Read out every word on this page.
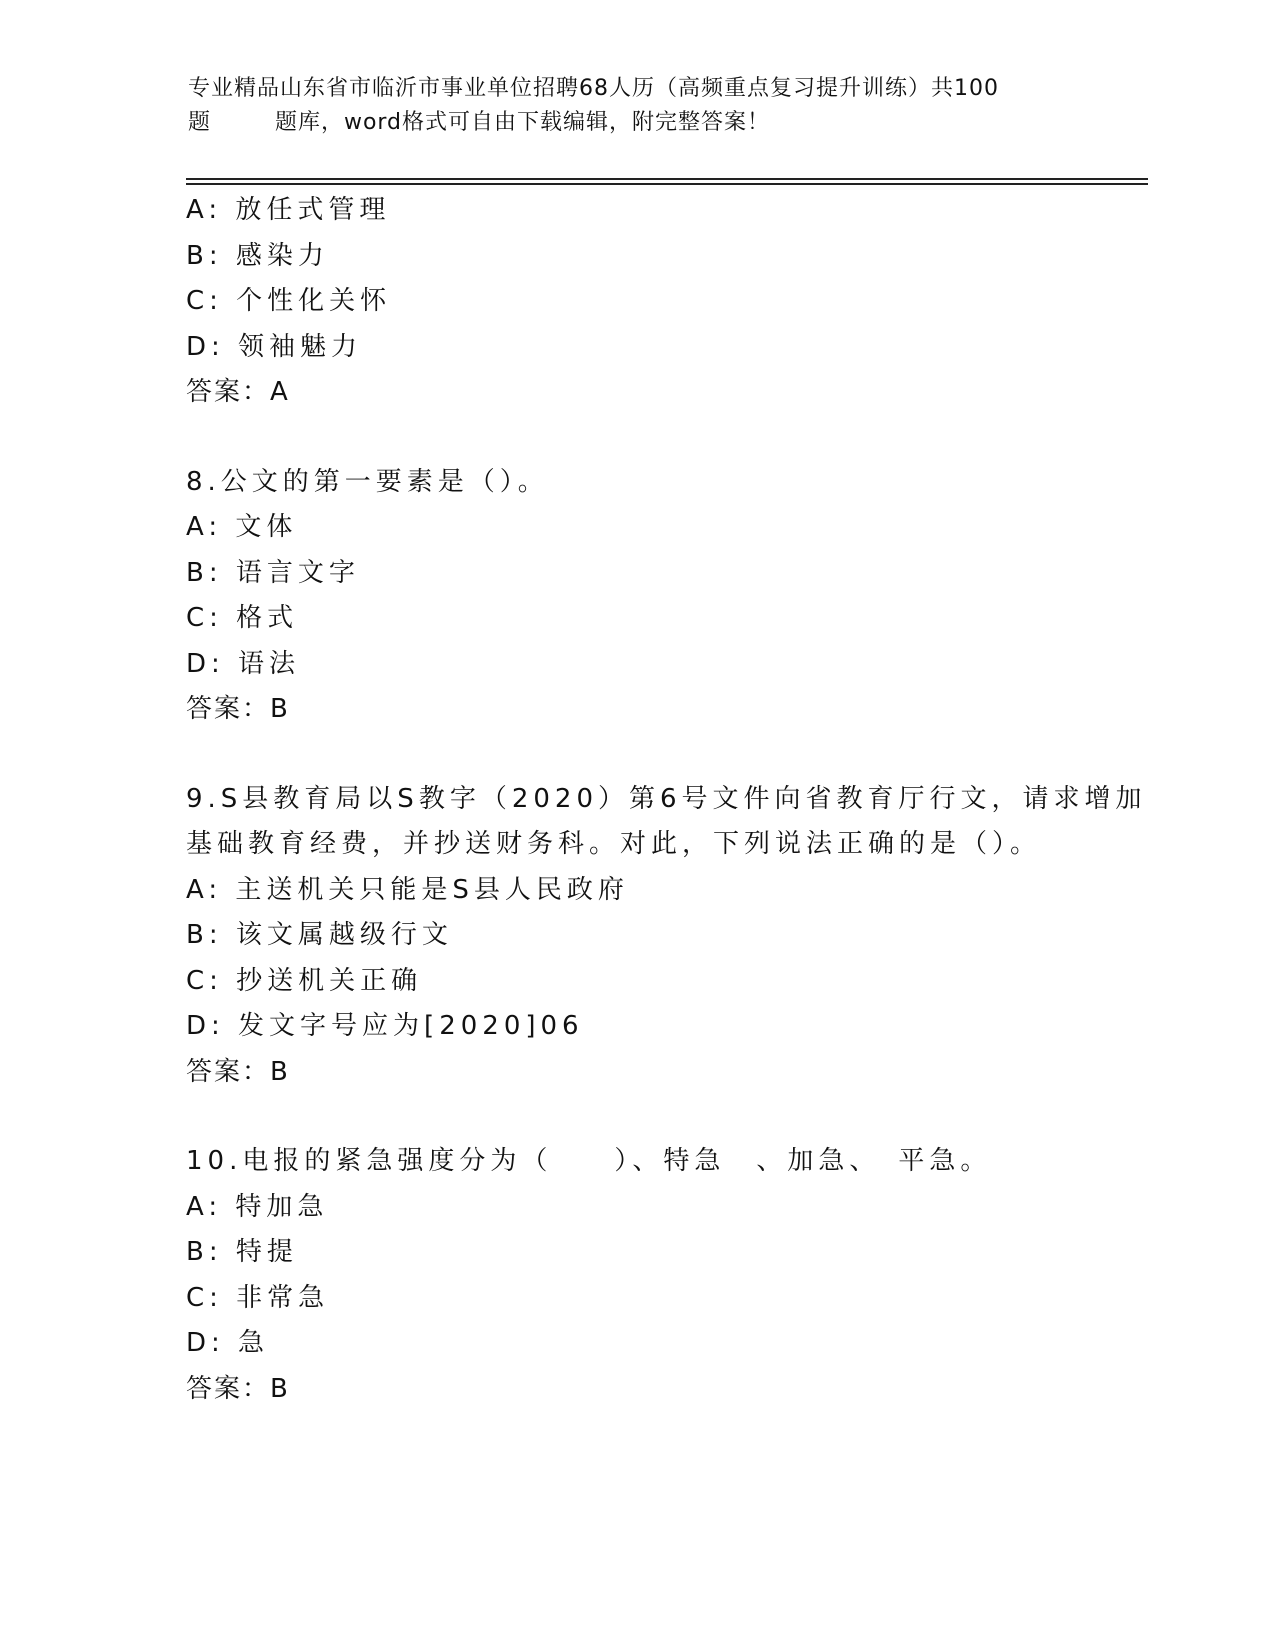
专业精品山东省市临沂市事业单位招聘68人历（高频重点复习提升训练）共100
题        题库，word格式可自由下载编辑，附完整答案！
A: 放任式管理
B: 感染力
C: 个性化关怀
D: 领袖魅力
答案：A
8.公文的第一要素是（）。
A: 文体
B: 语言文字
C: 格式
D: 语法
答案：B
9.S县教育局以S教字（2020）第6号文件向省教育厅行文，请求增加
基础教育经费，并抄送财务科。对此，下列说法正确的是（）。
A: 主送机关只能是S县人民政府
B: 该文属越级行文
C: 抄送机关正确
D: 发文字号应为[2020]06
答案：B
10.电报的紧急强度分为（　　）、特急　、加急、　平急。
A: 特加急
B: 特提
C: 非常急
D: 急
答案：B
